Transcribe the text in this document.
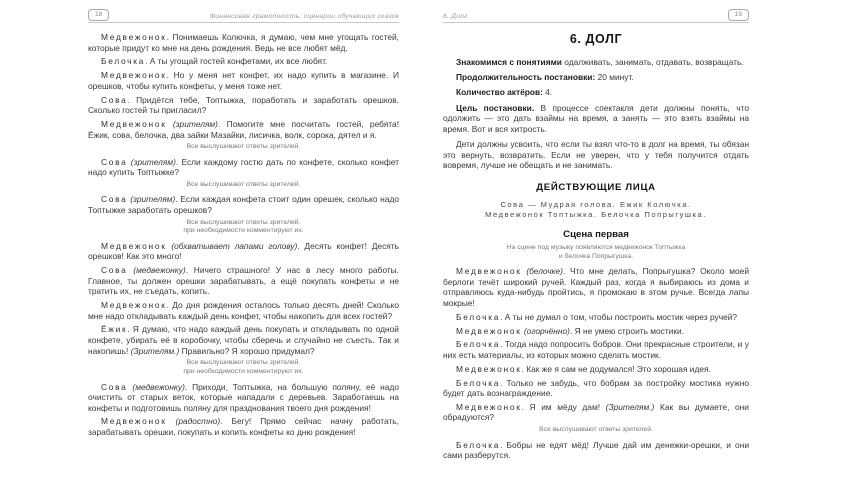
18	Финансовая грамотность: сценарии обучающих сказок

Медвежонок. Понимаешь Колючка, я думаю, чем мне угощать гостей, которые придут ко мне на день рождения. Ведь не все любят мёд.

Белочка. А ты угощай гостей конфетами, их все любят.

Медвежонок. Но у меня нет конфет, их надо купить в магазине. И орешков, чтобы купить конфеты, у меня тоже нет.

Сова. Придётся тебе, Топтыжка, поработать и заработать орешков. Сколько гостей ты пригласил?

Медвежонок (зрителям). Помогите мне посчитать гостей, ребята! Ёжик, сова, белочка, два зайки Мазайки, лисичка, волк, сорока, дятел и я.

Все выслушивают ответы зрителей.

Сова (зрителям). Если каждому гостю дать по конфете, сколько конфет надо купить Топтыжке?

Все выслушивают ответы зрителей.

Сова (зрителям). Если каждая конфета стоит один орешек, сколько надо Топтыжке заработать орешков?

Все выслушивают ответы зрителей.
при необходимости комментируют их.

Медвежонок (обхватывает лапами голову). Десять конфет! Десять орешков! Как это много!

Сова (медвежонку). Ничего страшного! У нас в лесу много работы. Главное, ты должен орешки зарабатывать, а ещё покупать конфеты и не тратить их, не съедать, копить.

Медвежонок. До дня рождения осталось только десять дней! Сколько мне надо откладывать каждый день конфет, чтобы накопить для всех гостей?

Ёжик. Я думаю, что надо каждый день покупать и откладывать по одной конфете, убирать её в коробочку, чтобы сберечь и случайно не съесть. Так и накопишь! (Зрителям.) Правильно? Я хорошо придумал?

Все выслушивают ответы зрителей.
при необходимости комментируют их.

Сова (медвежонку). Приходи, Топтыжка, на большую поляну, её надо очистить от старых веток, которые нападали с деревьев. Заработаешь на конфеты и подготовишь поляну для празднования твоего дня рождения!

Медвежонок (радостно). Бегу! Прямо сейчас начну работать, зарабатывать орешки, покупать и копить конфеты ко дню рождения!

6. Долг	19
6. ДОЛГ

Знакомимся с понятиями одалживать, занимать, отдавать, возвращать.

Продолжительность постановки: 20 минут.

Количество актёров: 4.

Цель постановки. В процессе спектакля дети должны понять, что одолжить — это дать взаймы на время, а занять — это взять взаймы на время. Вот и вся хитрость.

Дети должны усвоить, что если ты взял что-то в долг на время, ты обязан это вернуть, возвратить. Если не уверен, что у тебя получится отдать вовремя, лучше не обещать и не занимать.

ДЕЙСТВУЮЩИЕ ЛИЦА
Сова — Мудрая голова. Ежик Колючка.
Медвежонок Топтыжка. Белочка Попрыгушка.
Сцена первая
На сцене под музыку появляются медвежонок Топтыжка
и белочка Попрыгушка.

Медвежонок (белочке). Что мне делать, Попрыгушка? Около моей берлоги течёт широкий ручей. Каждый раз, когда я выбираюсь из дома и отправляюсь куда-нибудь пройтись, я промокаю в этом ручье. Всегда лапы мокрые!

Белочка. А ты не думал о том, чтобы построить мостик через ручей?

Медвежонок (огорчённо). Я не умею строить мостики.

Белочка. Тогда надо попросить бобров. Они прекрасные строители, и у них есть материалы, из которых можно сделать мостик.

Медвежонок. Как же я сам не додумался! Это хорошая идея.

Белочка. Только не забудь, что бобрам за постройку мостика нужно будет дать вознаграждение.

Медвежонок. Я им мёду дам! (Зрителям.) Как вы думаете, они обрадуются?

Все выслушивают ответы зрителей.

Белочка. Бобры не едят мёд! Лучше дай им денежки-орешки, и они сами разберутся.
